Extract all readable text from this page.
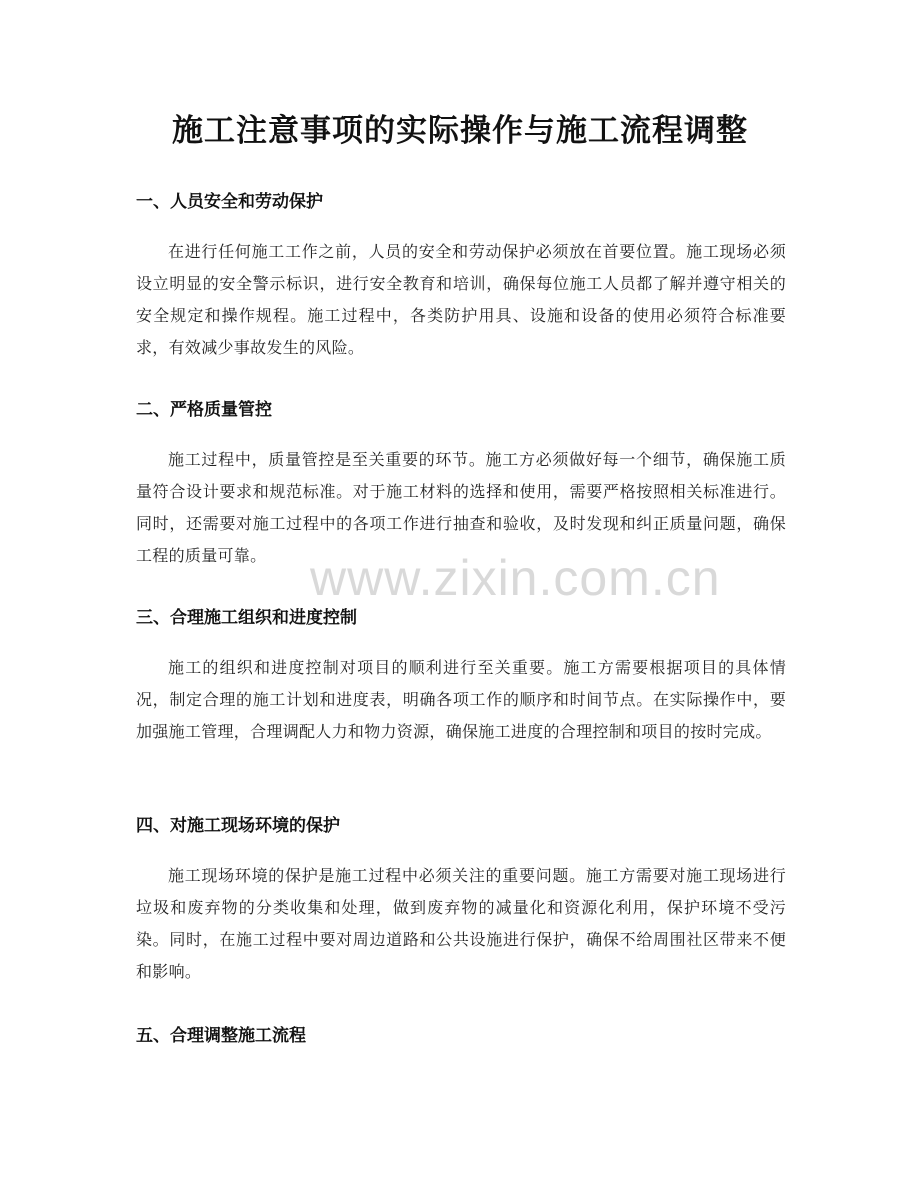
施工注意事项的实际操作与施工流程调整
一、人员安全和劳动保护

在进行任何施工工作之前，人员的安全和劳动保护必须放在首要位置。施工现场必须设立明显的安全警示标识，进行安全教育和培训，确保每位施工人员都了解并遵守相关的安全规定和操作规程。施工过程中，各类防护用具、设施和设备的使用必须符合标准要求，有效减少事故发生的风险。

二、严格质量管控

施工过程中，质量管控是至关重要的环节。施工方必须做好每一个细节，确保施工质量符合设计要求和规范标准。对于施工材料的选择和使用，需要严格按照相关标准进行。同时，还需要对施工过程中的各项工作进行抽查和验收，及时发现和纠正质量问题，确保工程的质量可靠。

三、合理施工组织和进度控制

施工的组织和进度控制对项目的顺利进行至关重要。施工方需要根据项目的具体情况，制定合理的施工计划和进度表，明确各项工作的顺序和时间节点。在实际操作中，要加强施工管理，合理调配人力和物力资源，确保施工进度的合理控制和项目的按时完成。

四、对施工现场环境的保护

施工现场环境的保护是施工过程中必须关注的重要问题。施工方需要对施工现场进行垃圾和废弃物的分类收集和处理，做到废弃物的减量化和资源化利用，保护环境不受污染。同时，在施工过程中要对周边道路和公共设施进行保护，确保不给周围社区带来不便和影响。

五、合理调整施工流程
www.zixin.com.cn
